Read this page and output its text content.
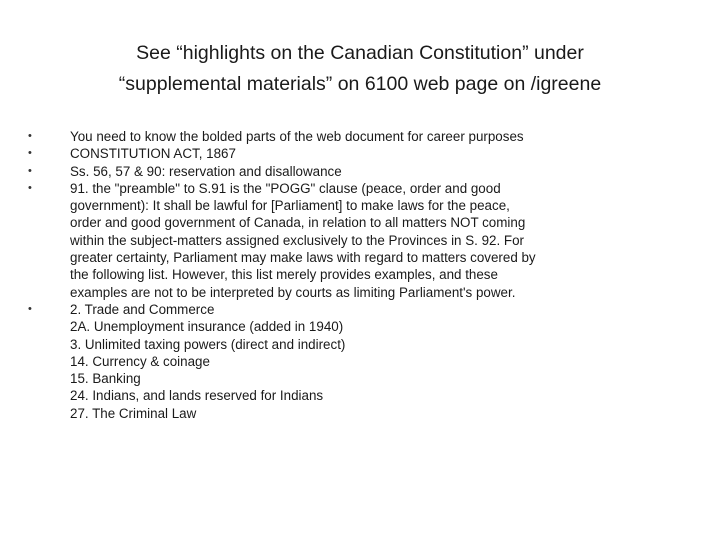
See “highlights on the Canadian Constitution” under
“supplemental materials” on 6100 web page on /igreene
•	You need to know the bolded parts of the web document for career purposes
•	CONSTITUTION ACT, 1867
•	Ss. 56, 57 & 90: reservation and disallowance
•	91. the "preamble" to S.91 is the "POGG" clause (peace, order and good
government): It shall be lawful for [Parliament] to make laws for the peace,
order and good government of Canada, in relation to all matters NOT coming
within the subject-matters assigned exclusively to the Provinces in S. 92. For
greater certainty, Parliament may make laws with regard to matters covered by
the following list. However, this list merely provides examples, and these
examples are not to be interpreted by courts as limiting Parliament's power.
•	2. Trade and Commerce
2A. Unemployment insurance (added in 1940)
3. Unlimited taxing powers (direct and indirect)
14. Currency & coinage
15. Banking
24. Indians, and lands reserved for Indians
27. The Criminal Law
